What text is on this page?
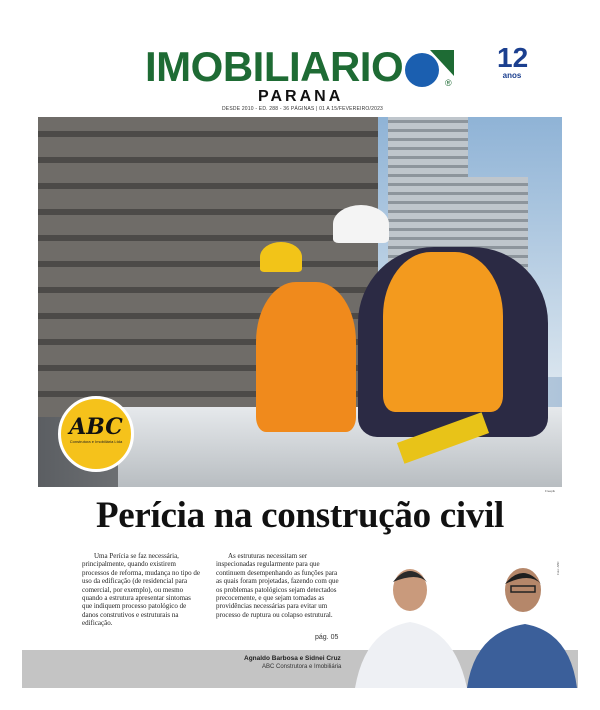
IMOBILIARIO	®
PARANA
DESDE 2010 - ED. 288 - 36 PÁGINAS | 01 A 15/FEVEREIRO/2023
12
anos
ABC
Construtora e Imobiliária Ltda
Freepik
Perícia na construção civil

Uma Perícia se faz necessária, principalmente, quando existirem processos de reforma, mudança no tipo de uso da edificação (de residencial para comercial, por exemplo), ou mesmo quando a estrutura apresentar sintomas que indiquem processo patológico de danos construtivos e estruturais na edificação.

As estruturas necessitam ser inspecionadas regularmente para que continuem desempenhando as funções para as quais foram projetadas, fazendo com que os problemas patológicos sejam detectados precocemente, e que sejam tomadas as providências necessárias para evitar um processo de ruptura ou colapso estrutural.

pág. 05
Foto: ABC
Agnaldo Barbosa e Sidnei Cruz
ABC Construtora e Imobiliária
